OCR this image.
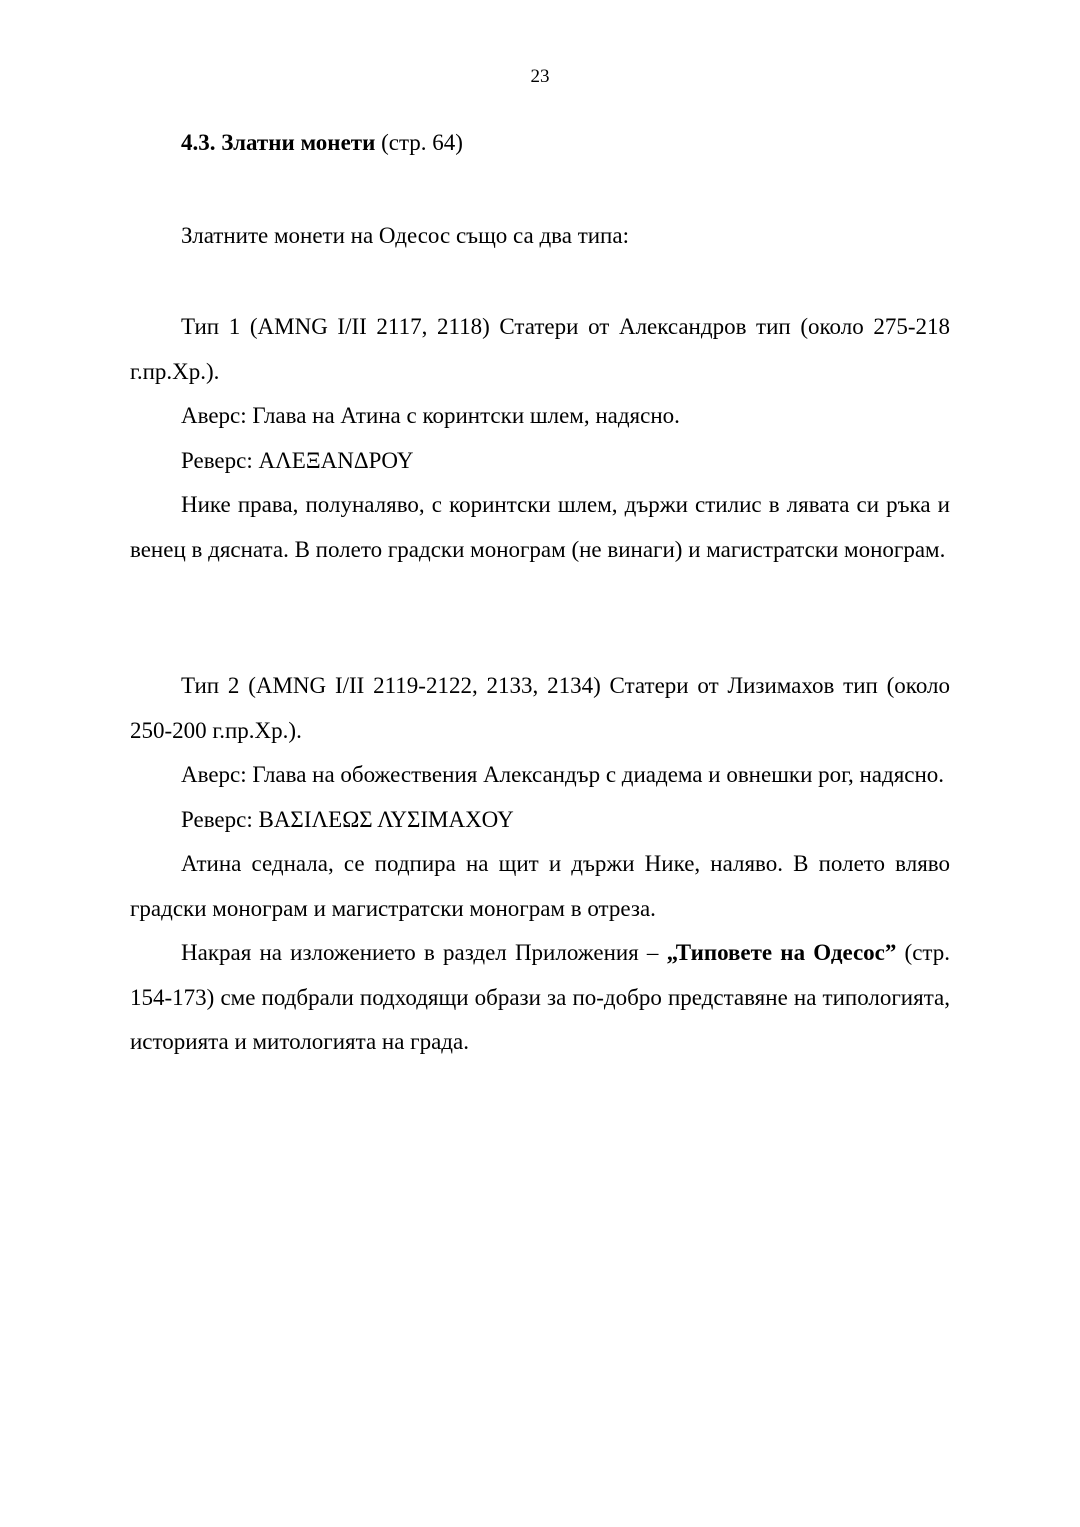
23
4.3. Златни монети (стр. 64)
Златните монети на Одесос също са два типа:

Тип 1 (AMNG I/II 2117, 2118) Статери от Александров тип (около 275-218 г.пр.Хр.).

Аверс: Глава на Атина с коринтски шлем, надясно.

Реверс: ΑΛΕΞΑΝΔΡΟΥ

Нике права, полуналяво, с коринтски шлем, държи стилис в лявата си ръка и венец в дясната. В полето градски монограм (не винаги) и магистратски монограм.

Тип 2 (AMNG I/II 2119-2122, 2133, 2134) Статери от Лизимахов тип (около 250-200 г.пр.Хр.).

Аверс: Глава на обожествения Александър с диадема и овнешки рог, надясно.

Реверс: ΒΑΣΙΛΕΩΣ ΛΥΣΙΜΑΧΟΥ

Атина седнала, се подпира на щит и държи Нике, наляво. В полето вляво градски монограм и магистратски монограм в отреза.

Накрая на изложението в раздел Приложения – „Типовете на Одесос” (стр. 154-173) сме подбрали подходящи образи за по-добро представяне на типологията, историята и митологията на града.
